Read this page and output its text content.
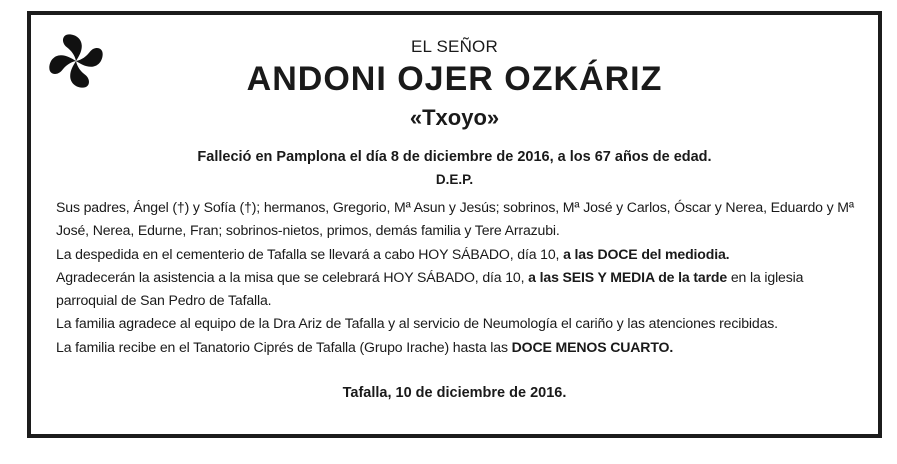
EL SEÑOR
ANDONI OJER OZKÁRIZ
«Txoyo»
Falleció en Pamplona el día 8 de diciembre de 2016, a los 67 años de edad.
D.E.P.

Sus padres, Ángel (†) y Sofía (†); hermanos, Gregorio, Mª Asun y Jesús; sobrinos, Mª José y Carlos, Óscar y Nerea, Eduardo y Mª José, Nerea, Edurne, Fran; sobrinos-nietos, primos, demás familia y Tere Arrazubi.

La despedida en el cementerio de Tafalla se llevará a cabo HOY SÁBADO, día 10, a las DOCE del mediodia.

Agradecerán la asistencia a la misa que se celebrará HOY SÁBADO, día 10, a las SEIS Y MEDIA de la tarde en la iglesia parroquial de San Pedro de Tafalla.

La familia agradece al equipo de la Dra Ariz de Tafalla y al servicio de Neumología el cariño y las atenciones recibidas.

La familia recibe en el Tanatorio Ciprés de Tafalla (Grupo Irache) hasta las DOCE MENOS CUARTO.

Tafalla, 10 de diciembre de 2016.
